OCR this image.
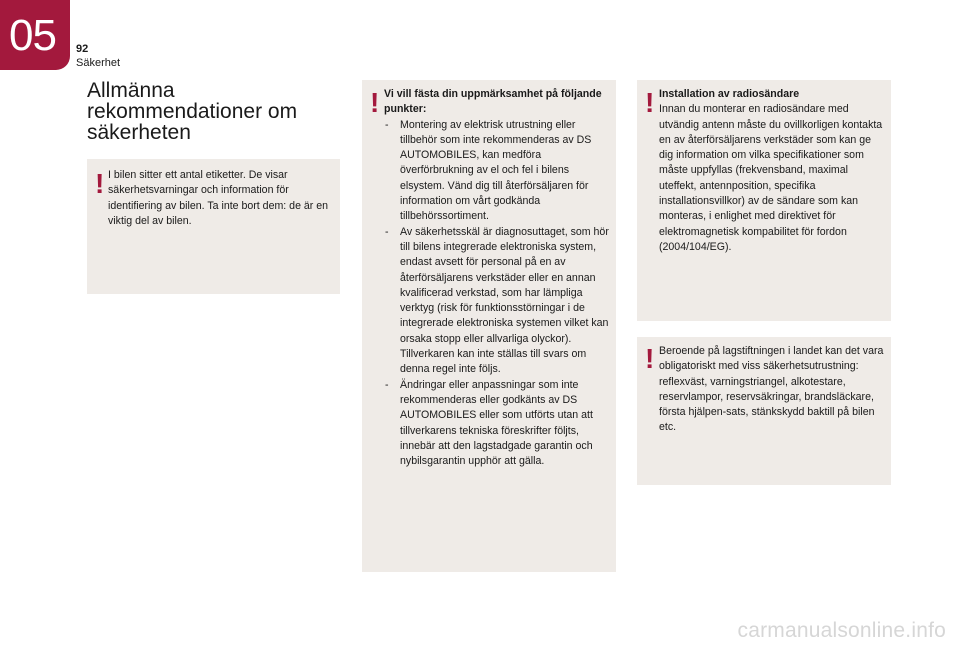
05 92
Säkerhet
Allmänna rekommendationer om säkerheten
! I bilen sitter ett antal etiketter. De visar säkerhetsvarningar och information för identifiering av bilen. Ta inte bort dem: de är en viktig del av bilen.
! Vi vill fästa din uppmärksamhet på följande punkter:
- Montering av elektrisk utrustning eller tillbehör som inte rekommenderas av DS AUTOMOBILES, kan medföra överförbrukning av el och fel i bilens elsystem. Vänd dig till återförsäljaren för information om vårt godkända tillbehörssortiment.
- Av säkerhetsskäl är diagnosuttaget, som hör till bilens integrerade elektroniska system, endast avsett för personal på en av återförsäljarens verkstäder eller en annan kvalificerad verkstad, som har lämpliga verktyg (risk för funktionsstörningar i de integrerade elektroniska systemen vilket kan orsaka stopp eller allvarliga olyckor). Tillverkaren kan inte ställas till svars om denna regel inte följs.
- Ändringar eller anpassningar som inte rekommenderas eller godkänts av DS AUTOMOBILES eller som utförts utan att tillverkarens tekniska föreskrifter följts, innebär att den lagstadgade garantin och nybilsgarantin upphör att gälla.
! Installation av radiosändare
Innan du monterar en radiosändare med utvändig antenn måste du ovillkorligen kontakta en av återförsäljarens verkstäder som kan ge dig information om vilka specifikationer som måste uppfyllas (frekvensband, maximal uteffekt, antennposition, specifika installationsvillkor) av de sändare som kan monteras, i enlighet med direktivet för elektromagnetisk kompabilitet för fordon (2004/104/EG).
! Beroende på lagstiftningen i landet kan det vara obligatoriskt med viss säkerhetsutrustning: reflexväst, varningstriangel, alkotestare, reservlampor, reservsäkringar, brandsläckare, första hjälpen-sats, stänkskydd baktill på bilen etc.
carmanualsonline.info
